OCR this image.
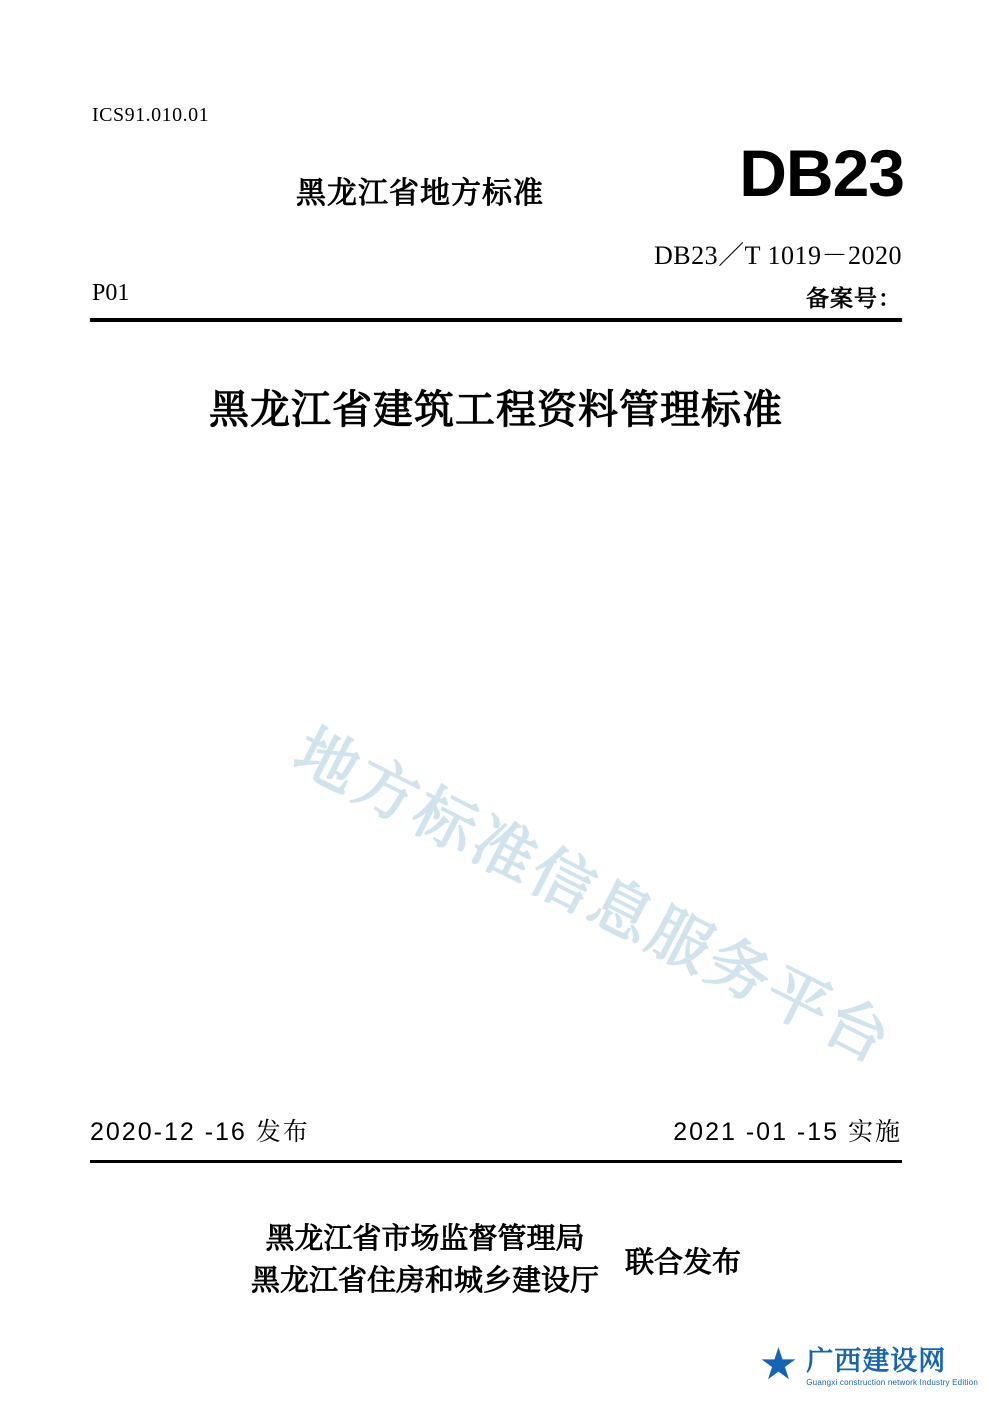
ICS91.010.01
黑龙江省地方标准	DB23
DB23／T 1019－2020
P01	备案号：
黑龙江省建筑工程资料管理标准
地方标准信息服务平台
2020-12 -16 发布	2021 -01 -15 实施
黑龙江省市场监督管理局
黑龙江省住房和城乡建设厅
联合发布
★ 广西建设网
Guangxi construction network Industry Edition
